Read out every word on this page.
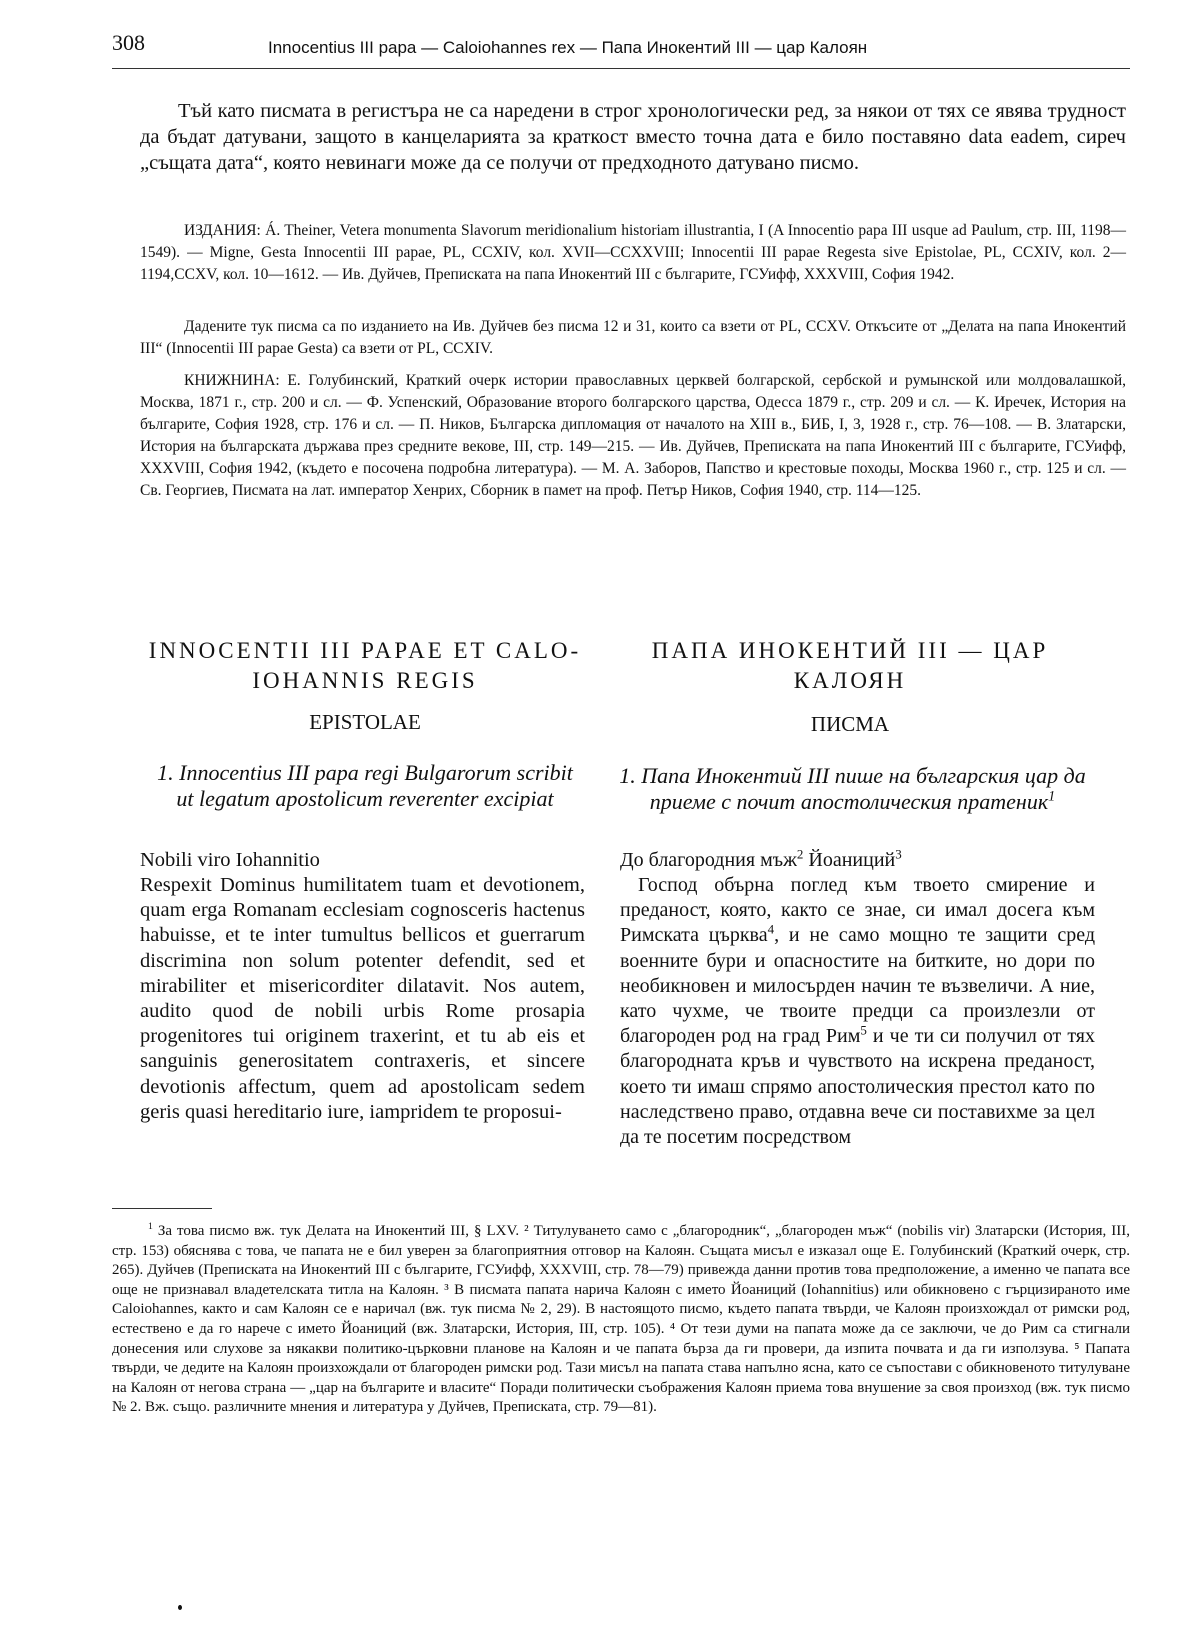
308	Innocentius III papa — Caloiohannes rex — Папа Инокентий III — цар Калоян

Тъй като писмата в регистъра не са наредени в строг хронологически ред, за някои от тях се явява трудност да бъдат датувани, защото в канцеларията за краткост вместо точна дата е било поставяно data eadem, сиреч „същата дата“, която невинаги може да се получи от предходното датувано писмо.

ИЗДАНИЯ: Á. Theiner, Vetera monumenta Slavorum meridionalium historiam illustrantia, I (A Innocentio papa III usque ad Paulum, стр. III, 1198—1549). — Migne, Gesta Innocentii III papae, PL, CCXIV, кол. XVII—CCXXVIII; Innocentii III papae Regesta sive Epistolae, PL, CCXIV, кол. 2—1194,CCXV, кол. 10—1612. — Ив. Дуйчев, Преписката на папа Инокентий III с българите, ГСУифф, XXXVIII, София 1942.

Дадените тук писма са по изданието на Ив. Дуйчев без писма 12 и 31, които са взети от PL, CCXV. Откъсите от „Делата на папа Инокентий III“ (Innocentii III papae Gesta) са взети от PL, CCXIV.

КНИЖНИНА: Е. Голубинский, Краткий очерк истории православных церквей болгарской, сербской и румынской или молдовалашкой, Москва, 1871 г., стр. 200 и сл. — Ф. Успенский, Образование второго болгарского царства, Одесса 1879 г., стр. 209 и сл. — К. Иречек, История на българите, София 1928, стр. 176 и сл. — П. Ников, Българска дипломация от началото на XIII в., БИБ, I, 3, 1928 г., стр. 76—108. — В. Златарски, История на българската държава през средните векове, III, стр. 149—215. — Ив. Дуйчев, Преписката на папа Инокентий III с българите, ГСУифф, XXXVIII, София 1942, (където е посочена подробна литература). — М. А. Заборов, Папство и крестовые походы, Москва 1960 г., стр. 125 и сл. — Св. Георгиев, Писмата на лат. император Хенрих, Сборник в памет на проф. Петър Ников, София 1940, стр. 114—125.

INNOCENTII III PAPAE ET CALO-IOHANNIS REGIS
EPISTOLAE
1. Innocentius III papa regi Bulgarorum scribit ut legatum apostolicum reverenter excipiat
Nobili viro Iohannitio

Respexit Dominus humilitatem tuam et devotionem, quam erga Romanam ecclesiam cognosceris hactenus habuisse, et te inter tumultus bellicos et guerrarum discrimina non solum potenter defendit, sed et mirabiliter et misericorditer dilatavit. Nos autem, audito quod de nobili urbis Rome prosapia progenitores tui originem traxerint, et tu ab eis et sanguinis generositatem contraxeris, et sincere devotionis affectum, quem ad apostolicam sedem geris quasi hereditario iure, iampridem te proposui-

ПАПА ИНОКЕНТИЙ III — ЦАР КАЛОЯН
ПИСМА
1. Папа Инокентий III пише на българския цар да приеме с почит апостолическия пратеник$^1$
До благородния мъж$^2$ Йоаниций$^3$

Господ обърна поглед към твоето смирение и преданост, която, както се знае, си имал досега към Римската църква$^4$, и не само мощно те защити сред военните бури и опасностите на битките, но дори по необикновен и милосърден начин те възвеличи. А ние, като чухме, че твоите предци са произлезли от благороден род на град Рим$^5$ и че ти си получил от тях благородната кръв и чувството на искрена преданост, което ти имаш спрямо апостолическия престол като по наследствено право, отдавна вече си поставихме за цел да те посетим посредством

$^1$ За това писмо вж. тук Делата на Инокентий III, § LXV. ² Титулуването само с „благородник“, „благороден мъж“ (nobilis vir) Златарски (История, III, стр. 153) обяснява с това, че папата не е бил уверен за благоприятния отговор на Калоян. Същата мисъл е изказал още Е. Голубинский (Краткий очерк, стр. 265). Дуйчев (Преписката на Инокентий III с българите, ГСУифф, XXXVIII, стр. 78—79) привежда данни против това предположение, а именно че папата все още не признавал владетелската титла на Калоян. ³ В писмата папата нарича Калоян с името Йоаниций (Iohannitius) или обикновено с гърцизираното име Caloiohannes, както и сам Калоян се е наричал (вж. тук писма № 2, 29). В настоящото писмо, където папата твърди, че Калоян произхождал от римски род, естествено е да го нарече с името Йоаниций (вж. Златарски, История, III, стр. 105). ⁴ От тези думи на папата може да се заключи, че до Рим са стигнали донесения или слухове за някакви политико-църковни планове на Калоян и че папата бърза да ги провери, да изпита почвата и да ги използува. ⁵ Папата твърди, че дедите на Калоян произхождали от благороден римски род. Тази мисъл на папата става напълно ясна, като се съпостави с обикновеното титулуване на Калоян от негова страна — „цар на българите и власите“ Поради политически съображения Калоян приема това внушение за своя произход (вж. тук писмо № 2. Вж. също. различните мнения и литература у Дуйчев, Преписката, стр. 79—81).
